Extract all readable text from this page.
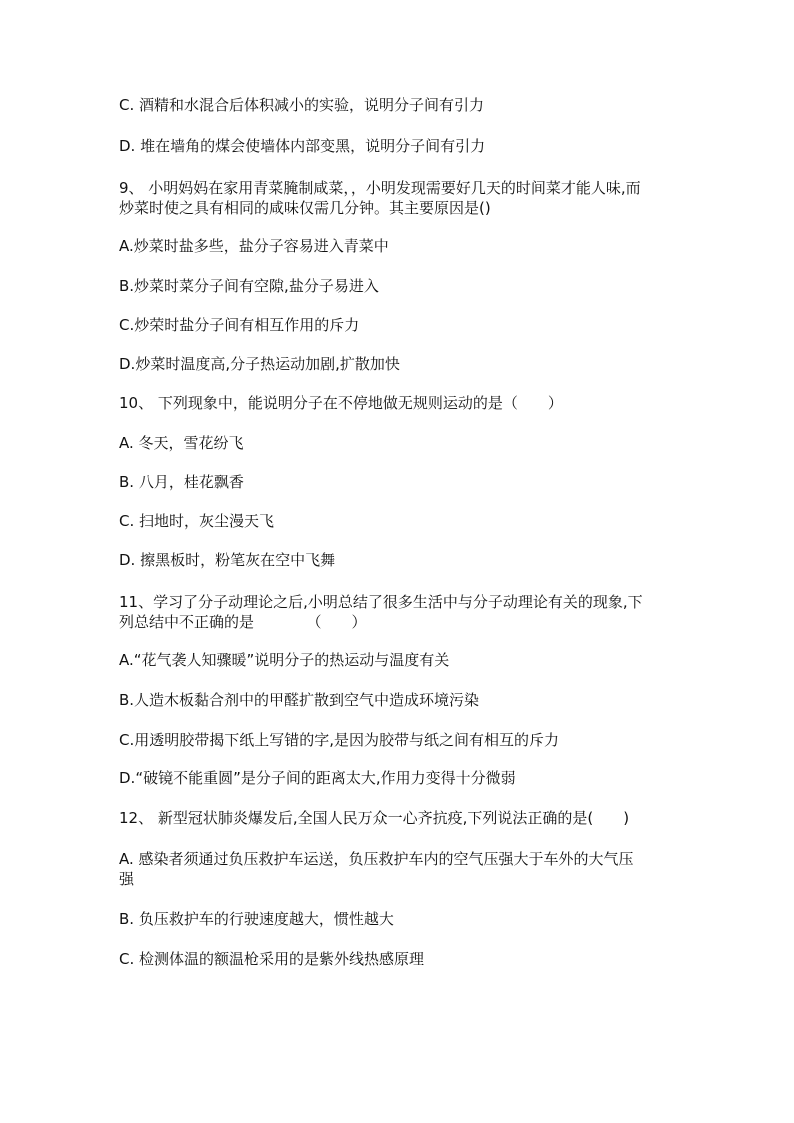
C. 酒精和水混合后体积减小的实验，说明分子间有引力
D. 堆在墙角的煤会使墙体内部变黑，说明分子间有引力
9、 小明妈妈在家用青菜腌制咸菜，，小明发现需要好几天的时间菜才能人味,而
炒菜时使之具有相同的咸味仅需几分钟。其主要原因是()
A.炒菜时盐多些，盐分子容易进入青菜中
B.炒菜时菜分子间有空隙,盐分子易进入
C.炒荣时盐分子间有相互作用的斥力
D.炒菜时温度高,分子热运动加剧,扩散加快
10、 下列现象中，能说明分子在不停地做无规则运动的是（　　）
A. 冬天，雪花纷飞
B. 八月，桂花飘香
C. 扫地时，灰尘漫天飞
D. 擦黑板时，粉笔灰在空中飞舞
11、学习了分子动理论之后,小明总结了很多生活中与分子动理论有关的现象,下
列总结中不正确的是　　　　（　　）
A.“花气袭人知骤暖”说明分子的热运动与温度有关
B.人造木板黏合剂中的甲醛扩散到空气中造成环境污染
C.用透明胶带揭下纸上写错的字,是因为胶带与纸之间有相互的斥力
D.“破镜不能重圆”是分子间的距离太大,作用力变得十分微弱
12、 新型冠状肺炎爆发后,全国人民万众一心齐抗疫,下列说法正确的是(　　)
A. 感染者须通过负压救护车运送，负压救护车内的空气压强大于车外的大气压
强
B. 负压救护车的行驶速度越大，惯性越大
C. 检测体温的额温枪采用的是紫外线热感原理
